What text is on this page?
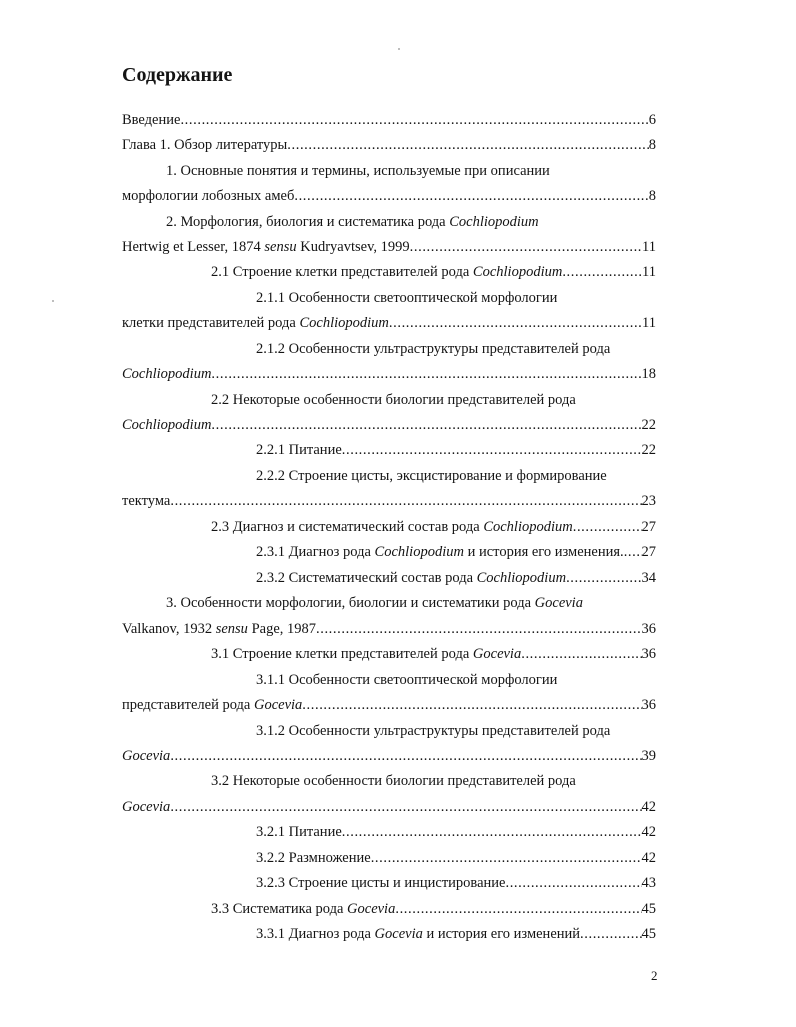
Содержание
Введение .....	6
Глава 1. Обзор литературы .....	8
1. Основные понятия и термины, используемые при описании
морфологии лобозных амеб .....	8
2. Морфология, биология и систематика рода Cochliopodium
Hertwig et Lesser, 1874 sensu Kudryavtsev, 1999 .....	11
2.1 Строение клетки представителей рода Cochliopodium .....	11
2.1.1 Особенности светооптической морфологии
клетки представителей рода Cochliopodium .....	11
2.1.2 Особенности ультраструктуры представителей рода
Cochliopodium .....	18
2.2 Некоторые особенности биологии представителей рода
Cochliopodium .....	22
2.2.1 Питание .....	22
2.2.2 Строение цисты, эксцистирование и формирование
тектума .....	23
2.3 Диагноз и систематический состав рода Cochliopodium .....	27
2.3.1 Диагноз рода Cochliopodium и история его изменения. ..... 27
2.3.2 Систематический состав рода Cochliopodium .....	34
3. Особенности морфологии, биологии и систематики рода Gocevia
Valkanov, 1932 sensu Page, 1987 .....	36
3.1 Строение клетки представителей рода Gocevia .....	36
3.1.1 Особенности светооптической морфологии
представителей рода Gocevia .....	36
3.1.2 Особенности ультраструктуры представителей рода
Gocevia .....	39
3.2 Некоторые особенности биологии представителей рода
Gocevia .....	42
3.2.1 Питание .....	42
3.2.2 Размножение .....	42
3.2.3 Строение цисты и инцистирование .....	43
3.3 Систематика рода Gocevia .....	45
3.3.1 Диагноз рода Gocevia и история его изменений .....	45
2
